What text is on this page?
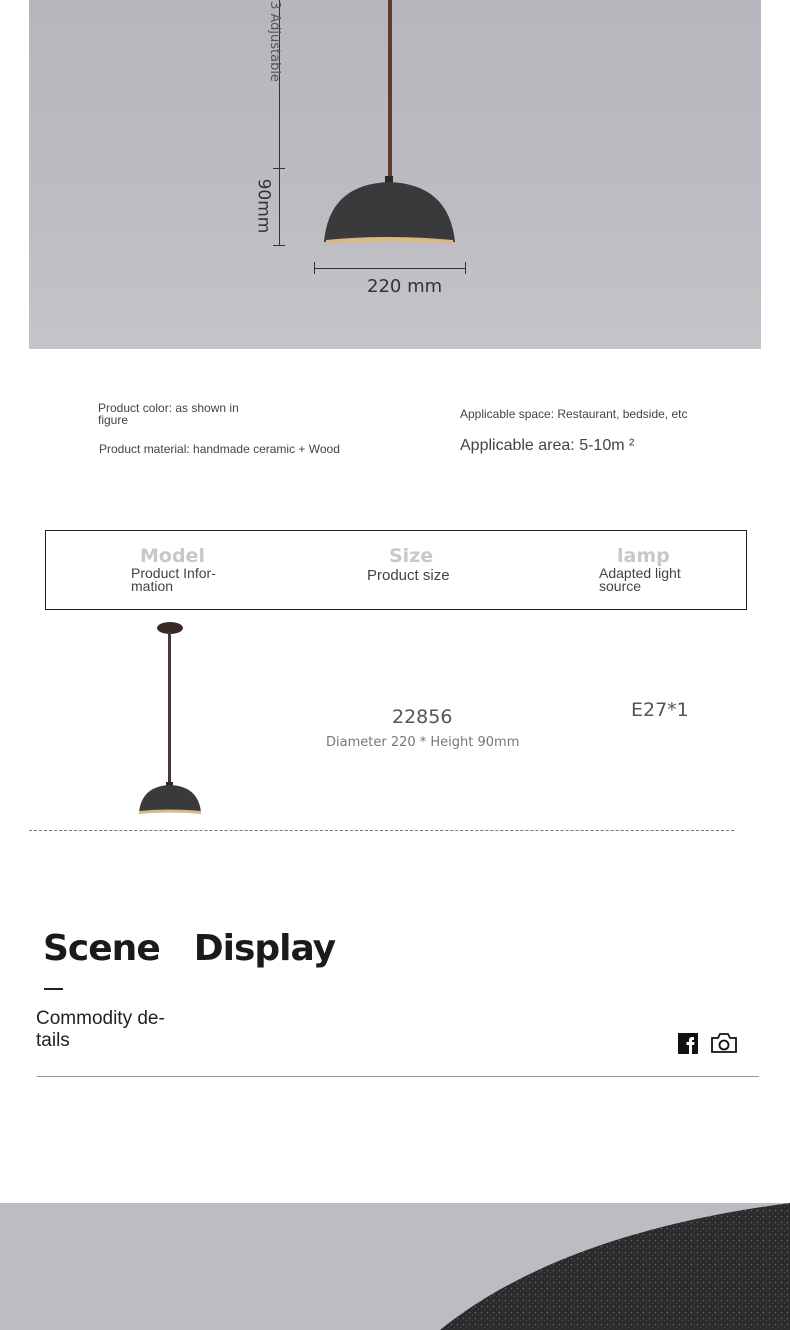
3 Adjustable
90mm
220 mm
Product color: as shown in figure
Product material: handmade ceramic + Wood
Applicable space: Restaurant, bedside, etc
Applicable area: 5-10m ²
Model
Product Infor-mation
Size
Product size
lamp
Adapted light source
22856
Diameter 220 * Height 90mm
E27*1
Scene Display
Commodity de-tails
